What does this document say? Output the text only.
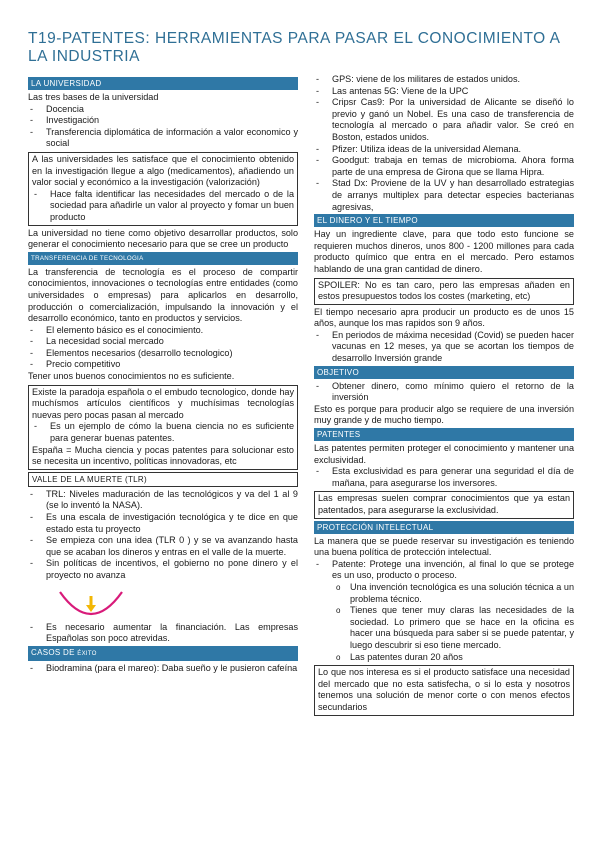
T19-PATENTES: HERRAMIENTAS PARA PASAR EL CONOCIMIENTO A LA INDUSTRIA
LA UNIVERSIDAD
Las tres bases de la universidad
- Docencia
- Investigación
- Transferencia diplomática de información a valor economico y social
A las universidades les satisface que el conocimiento obtenido en la investigación llegue a algo (medicamentos), añadiendo un valor social y económico a la investigación (valorización)
- Hace falta identificar las necesidades del mercado o de la sociedad para añadirle un valor al proyecto y fomar un buen producto
La universidad no tiene como objetivo desarrollar productos, solo generar el conocimiento necesario para que se cree un producto
TRANSFERENCIA DE TECNOLOGIA
La transferencia de tecnología es el proceso de compartir conocimientos, innovaciones o tecnologías entre entidades (como universidades o empresas) para aplicarlos en desarrollo, producción o comercialización, impulsando la innovación y el desarrollo económico, tanto en productos y servicios.
- El elemento básico es el conocimiento.
- La necesidad social mercado
- Elementos necesarios (desarrollo tecnologico)
- Precio competitivo
Tener unos buenos conocimientos no es suficiente.
Existe la paradoja española o el embudo tecnologico, donde hay muchísmos artículos científicos y muchísimas tecnologías nuevas pero pocas pasan al mercado
- Es un ejemplo de cómo la buena ciencia no es suficiente para generar buenas patentes.
España = Mucha ciencia y pocas patentes para solucionar esto se necesita un incentivo, políticas innovadoras, etc
VALLE DE LA MUERTE (TLR)
- TRL: Niveles maduración de las tecnológicos y va del 1 al 9 (se lo inventó la NASA).
- Es una escala de investigación tecnológica y te dice en que estado esta tu proyecto
- Se empieza con una idea (TLR 0 ) y se va avanzando hasta que se acaban los dineros y entras en el valle de la muerte.
- Sin políticas de incentivos, el gobierno no pone dinero y el proyecto no avanza
- Es necesario aumentar la financiación. Las empresas Españolas son poco atrevidas.
CASOS DE ÉXITO
- Biodramina (para el mareo): Daba sueño y le pusieron cafeína
- GPS: viene de los militares de estados unidos.
- Las antenas 5G: Viene de la UPC
- Cripsr Cas9: Por la universidad de Alicante se diseñó lo previo y ganó un Nobel. Es una caso de transferencia de tecnología al mercado o para añadir valor. Se creó en Boston, estados unidos.
- Pfizer: Utiliza ideas de la universidad Alemana.
- Goodgut: trabaja en temas de microbioma. Ahora forma parte de una empresa de Girona que se llama Hipra.
- Stad Dx: Proviene de la UV y han desarrollado estrategias de arranys multiplex para detectar especies bacterianas agresivas,
EL DINERO Y EL TIEMPO
Hay un ingrediente clave, para que todo esto funcione se requieren muchos dineros, unos 800 - 1200 millones para cada producto químico que entra en el mercado. Pero estamos hablando de una gran cantidad de dinero.
SPOILER: No es tan caro, pero las empresas añaden en estos presupuestos todos los costes (marketing, etc)
El tiempo necesario apra producir un producto es de unos 15 años, aunque los mas rapidos son 9 años.
- En periodos de máxima necesidad (Covid) se pueden hacer vacunas en 12 meses, ya que se acortan los tiempos de desarrollo Inversión grande
OBJETIVO
- Obtener dinero, como mínimo quiero el retorno de la inversión
Esto es porque para producir algo se requiere de una inversión muy grande y de mucho tiempo.
PATENTES
Las patentes permiten proteger el conocimiento y mantener una exclusividad.
- Esta exclusividad es para generar una seguridad el día de mañana, para asegurarse los inversores.
Las empresas suelen comprar conocimientos que ya estan patentados, para asegurarse la exclusividad.
PROTECCIÓN INTELECTUAL
La manera que se puede reservar su investigación es teniendo una buena política de protección intelectual.
- Patente: Protege una invención, al final lo que se protege es un uso, producto o proceso.
o Una invención tecnológica es una solución técnica a un problema técnico.
o Tienes que tener muy claras las necesidades de la sociedad. Lo primero que se hace en la oficina es hacer una búsqueda para saber si se puede patentar, y luego descubrir si eso tiene mercado.
o Las patentes duran 20 años
Lo que nos interesa es si el producto satisface una necesidad del mercado que no esta satisfecha, o si lo esta y nosotros tenemos una solución de menor corte o con menos efectos secundarios
